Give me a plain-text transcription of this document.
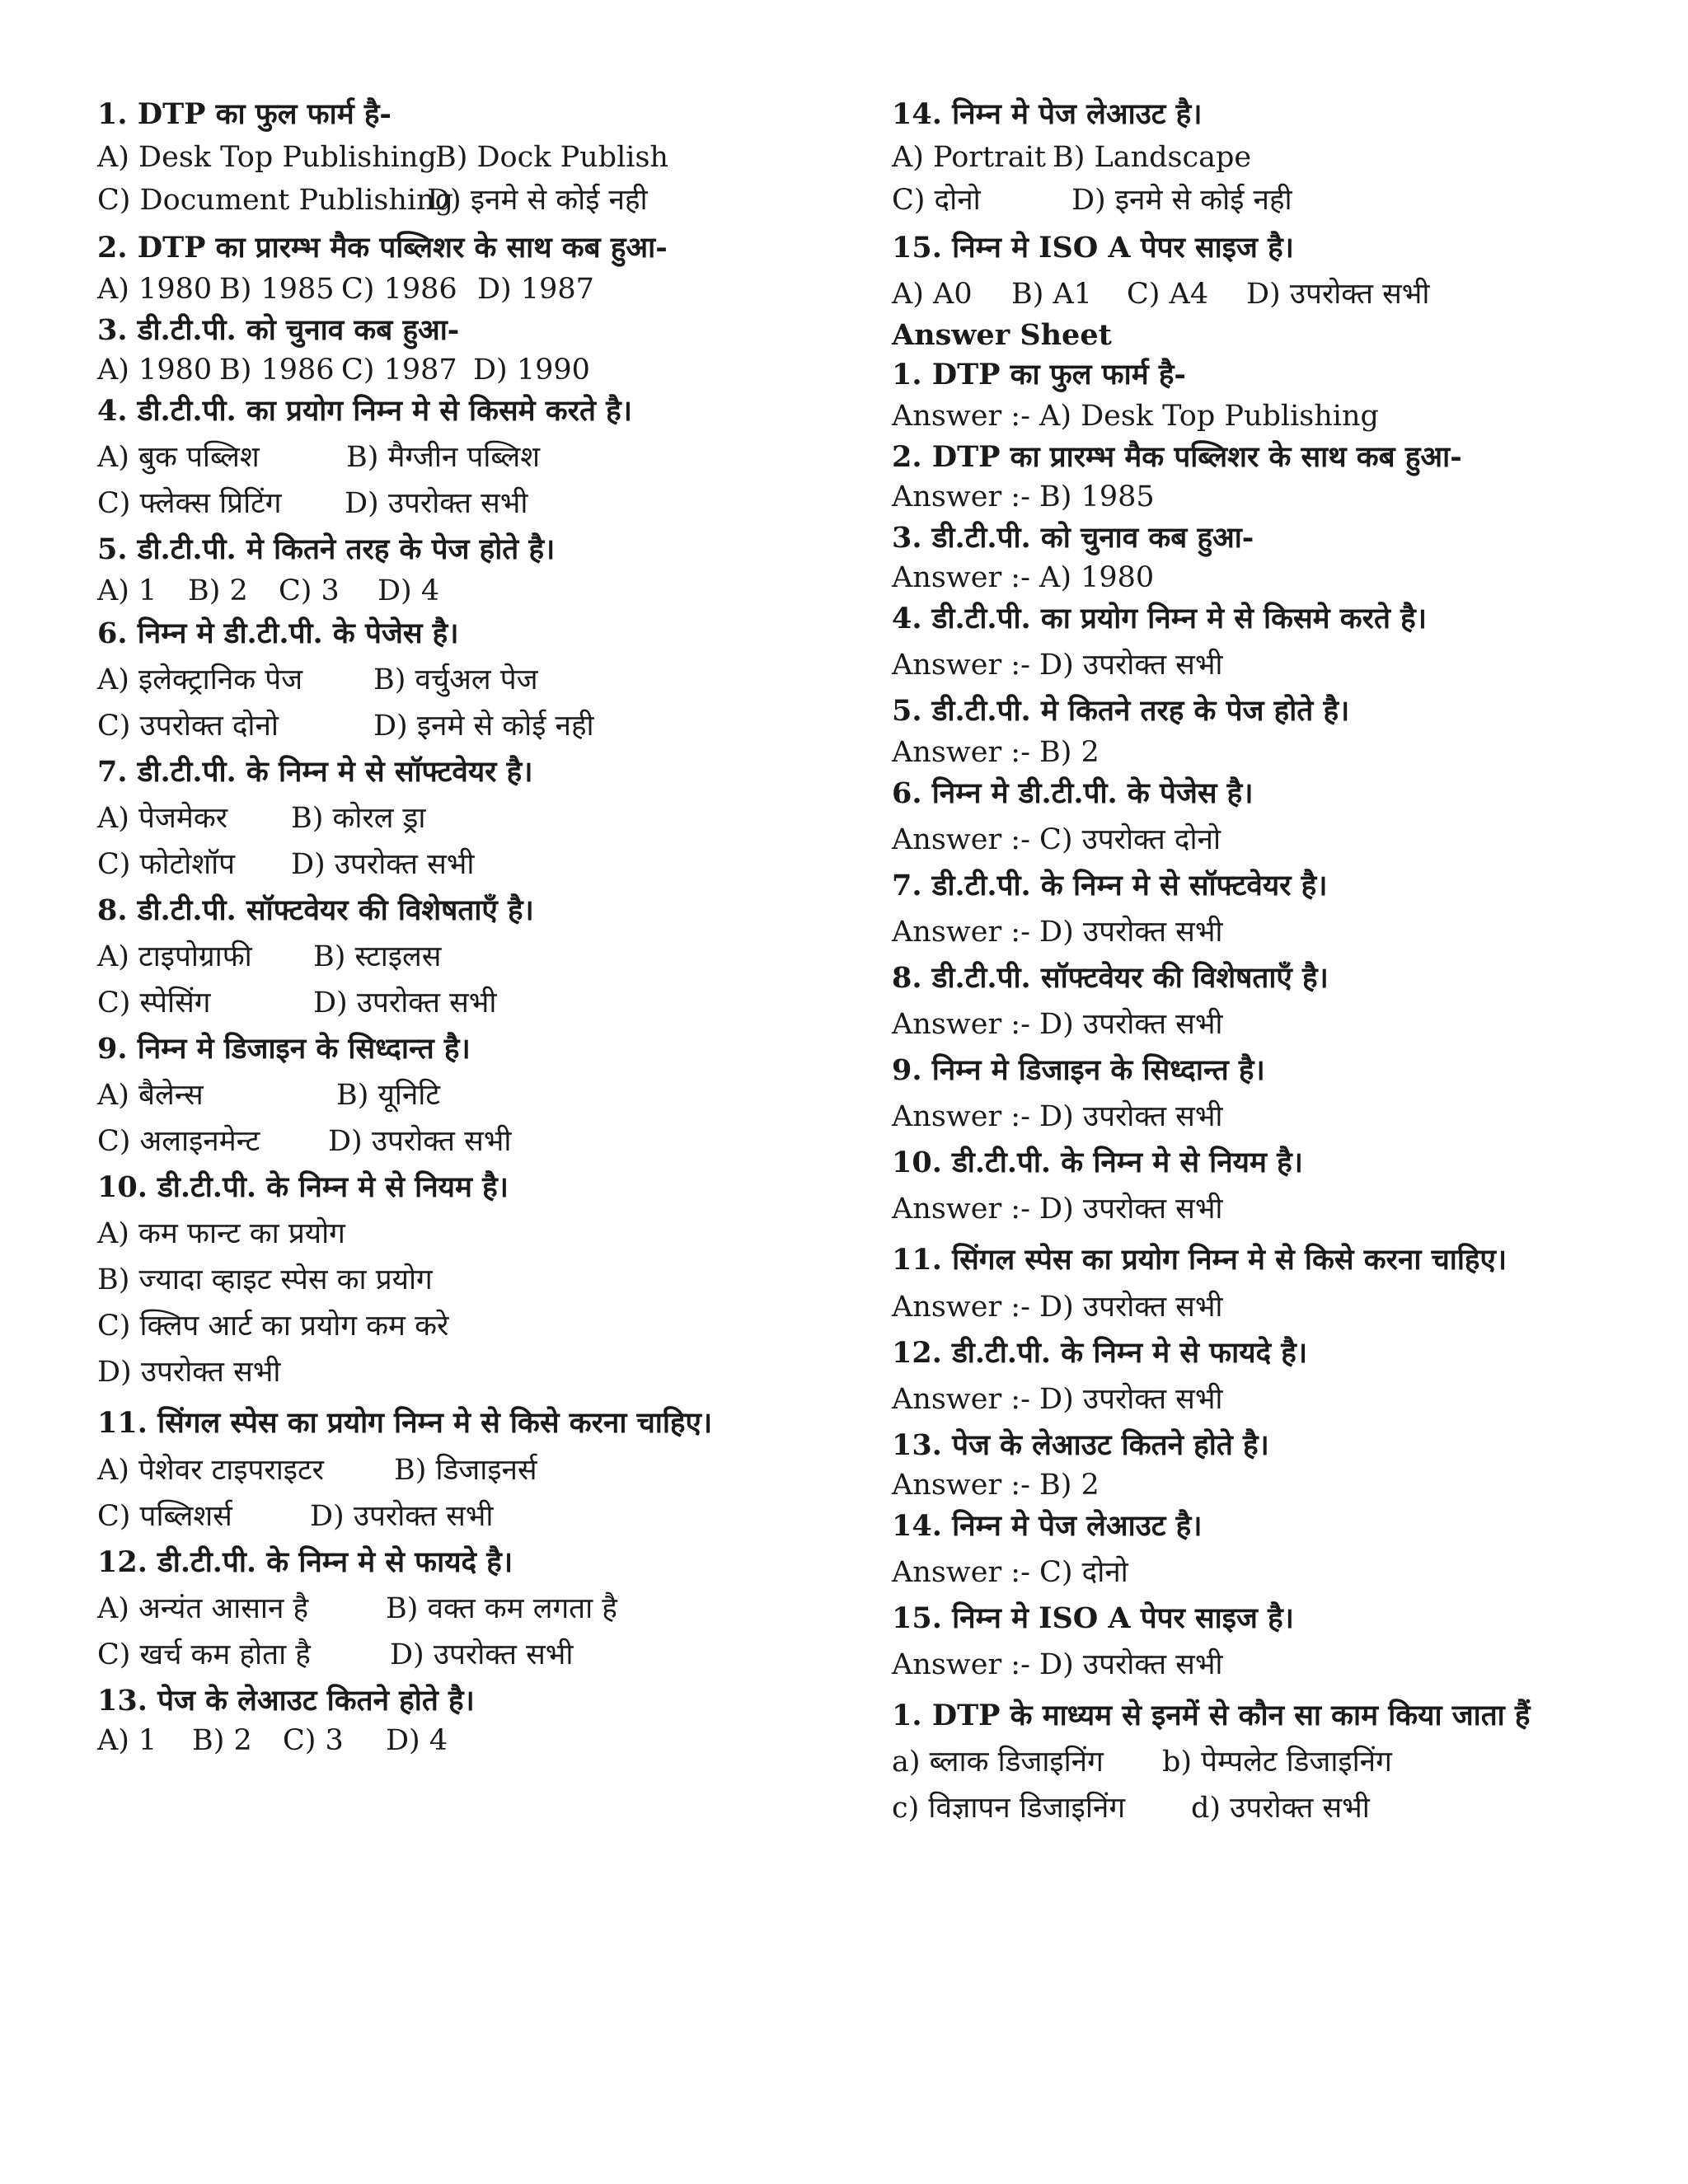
1. DTP का फुल फार्म है-
A) Desk Top PublishingB) Dock Publish
C) Document PublishingD) इनमे से कोई नही
2. DTP का प्रारम्भ मैक पब्लिशर के साथ कब हुआ-
A) 1980 B) 1985 C) 1986 D) 1987
3. डी.टी.पी. को चुनाव कब हुआ-
A) 1980 B) 1986 C) 1987 D) 1990
4. डी.टी.पी. का प्रयोग निम्न मे से किसमे करते है।
A) बुक पब्लिश	B) मैग्जीन पब्लिश
C) फ्लेक्स प्रिटिंग D) उपरोक्त सभी
5. डी.टी.पी. मे कितने तरह के पेज होते है।
A) 1 B) 2 C) 3 D) 4
6. निम्न मे डी.टी.पी. के पेजेस है।
A) इलेक्ट्रानिक पेज B) वर्चुअल पेज
C) उपरोक्त दोनो	D) इनमे से कोई नही
7. डी.टी.पी. के निम्न मे से सॉफ्टवेयर है।
A) पेजमेकर B) कोरल ड्रा
C) फोटोशॉप D) उपरोक्त सभी
8. डी.टी.पी. सॉफ्टवेयर की विशेषताएँ है।
A) टाइपोग्राफी B) स्टाइलस
C) स्पेसिंग	D) उपरोक्त सभी
9. निम्न मे डिजाइन के सिध्दान्त है।
A) बैलेन्स	B) यूनिटि
C) अलाइनमेन्ट D) उपरोक्त सभी
10. डी.टी.पी. के निम्न मे से नियम है।
A) कम फान्ट का प्रयोग
B) ज्यादा व्हाइट स्पेस का प्रयोग
C) क्लिप आर्ट का प्रयोग कम करे
D) उपरोक्त सभी
11. सिंगल स्पेस का प्रयोग निम्न मे से किसे करना चाहिए।
A) पेशेवर टाइपराइटर B) डिजाइनर्स
C) पब्लिशर्स	D) उपरोक्त सभी
12. डी.टी.पी. के निम्न मे से फायदे है।
A) अन्यंत आसान है	B) वक्त कम लगता है
C) खर्च कम होता है	D) उपरोक्त सभी
13. पेज के लेआउट कितने होते है।
A) 1 B) 2 C) 3 D) 4
14. निम्न मे पेज लेआउट है।
A) Portrait B) Landscape
C) दोनो	D) इनमे से कोई नही
15. निम्न मे ISO A पेपर साइज है।
A) A0 B) A1 C) A4 D) उपरोक्त सभी
Answer Sheet
1. DTP का फुल फार्म है-
Answer :- A) Desk Top Publishing
2. DTP का प्रारम्भ मैक पब्लिशर के साथ कब हुआ-
Answer :- B) 1985
3. डी.टी.पी. को चुनाव कब हुआ-
Answer :- A) 1980
4. डी.टी.पी. का प्रयोग निम्न मे से किसमे करते है।
Answer :- D) उपरोक्त सभी
5. डी.टी.पी. मे कितने तरह के पेज होते है।
Answer :- B) 2
6. निम्न मे डी.टी.पी. के पेजेस है।
Answer :- C) उपरोक्त दोनो
7. डी.टी.पी. के निम्न मे से सॉफ्टवेयर है।
Answer :- D) उपरोक्त सभी
8. डी.टी.पी. सॉफ्टवेयर की विशेषताएँ है।
Answer :- D) उपरोक्त सभी
9. निम्न मे डिजाइन के सिध्दान्त है।
Answer :- D) उपरोक्त सभी
10. डी.टी.पी. के निम्न मे से नियम है।
Answer :- D) उपरोक्त सभी
11. सिंगल स्पेस का प्रयोग निम्न मे से किसे करना चाहिए।
Answer :- D) उपरोक्त सभी
12. डी.टी.पी. के निम्न मे से फायदे है।
Answer :- D) उपरोक्त सभी
13. पेज के लेआउट कितने होते है।
Answer :- B) 2
14. निम्न मे पेज लेआउट है।
Answer :- C) दोनो
15. निम्न मे ISO A पेपर साइज है।
Answer :- D) उपरोक्त सभी
1. DTP के माध्यम से इनमें से कौन सा काम किया जाता हैं
a) ब्लाक डिजाइनिंग b) पेम्पलेट डिजाइनिंग
c) विज्ञापन डिजाइनिंग d) उपरोक्त सभी
